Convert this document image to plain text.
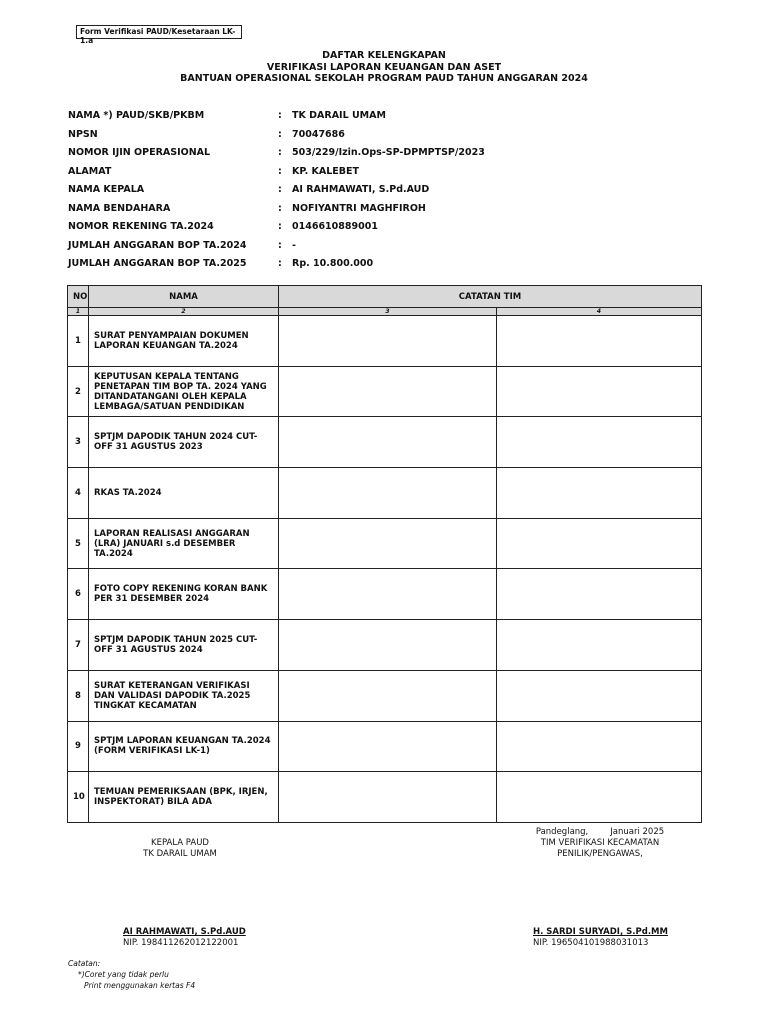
Form Verifikasi PAUD/Kesetaraan LK-1.a
DAFTAR KELENGKAPAN
VERIFIKASI LAPORAN KEUANGAN DAN ASET
BANTUAN OPERASIONAL SEKOLAH PROGRAM PAUD TAHUN ANGGARAN 2024
NAMA *) PAUD/SKB/PKBM	: TK DARAIL UMAM
NPSN	: 70047686
NOMOR IJIN OPERASIONAL	: 503/229/Izin.Ops-SP-DPMPTSP/2023
ALAMAT	: KP. KALEBET
NAMA KEPALA	: AI RAHMAWATI, S.Pd.AUD
NAMA BENDAHARA	: NOFIYANTRI MAGHFIROH
NOMOR REKENING TA.2024	: 0146610889001
JUMLAH ANGGARAN BOP TA.2024	: -
JUMLAH ANGGARAN BOP TA.2025	: Rp. 10.800.000
NO	NAMA	CATATAN TIM	
1	2	3	4
1	SURAT PENYAMPAIAN DOKUMEN LAPORAN KEUANGAN TA.2024		
2	KEPUTUSAN KEPALA TENTANG PENETAPAN TIM BOP TA. 2024 YANG DITANDATANGANI OLEH KEPALA LEMBAGA/SATUAN PENDIDIKAN		
3	SPTJM DAPODIK TAHUN 2024 CUT-OFF 31 AGUSTUS 2023		
4	RKAS TA.2024		
5	LAPORAN REALISASI ANGGARAN (LRA) JANUARI s.d DESEMBER TA.2024		
6	FOTO COPY REKENING KORAN BANK PER 31 DESEMBER 2024		
7	SPTJM DAPODIK TAHUN 2025 CUT-OFF 31 AGUSTUS 2024		
8	SURAT KETERANGAN VERIFIKASI DAN VALIDASI DAPODIK TA.2025 TINGKAT KECAMATAN		
9	SPTJM LAPORAN KEUANGAN TA.2024 (FORM VERIFIKASI LK-1)		
10	TEMUAN PEMERIKSAAN (BPK, IRJEN, INSPEKTORAT) BILA ADA		
KEPALA PAUD
TK DARAIL UMAM
Pandeglang,	Januari 2025
TIM VERIFIKASI KECAMATAN
PENILIK/PENGAWAS,
AI RAHMAWATI, S.Pd.AUD
NIP. 198411262012122001
H. SARDI SURYADI, S.Pd.MM
NIP. 196504101988031013
Catatan:
*)Coret yang tidak perlu
Print menggunakan kertas F4
